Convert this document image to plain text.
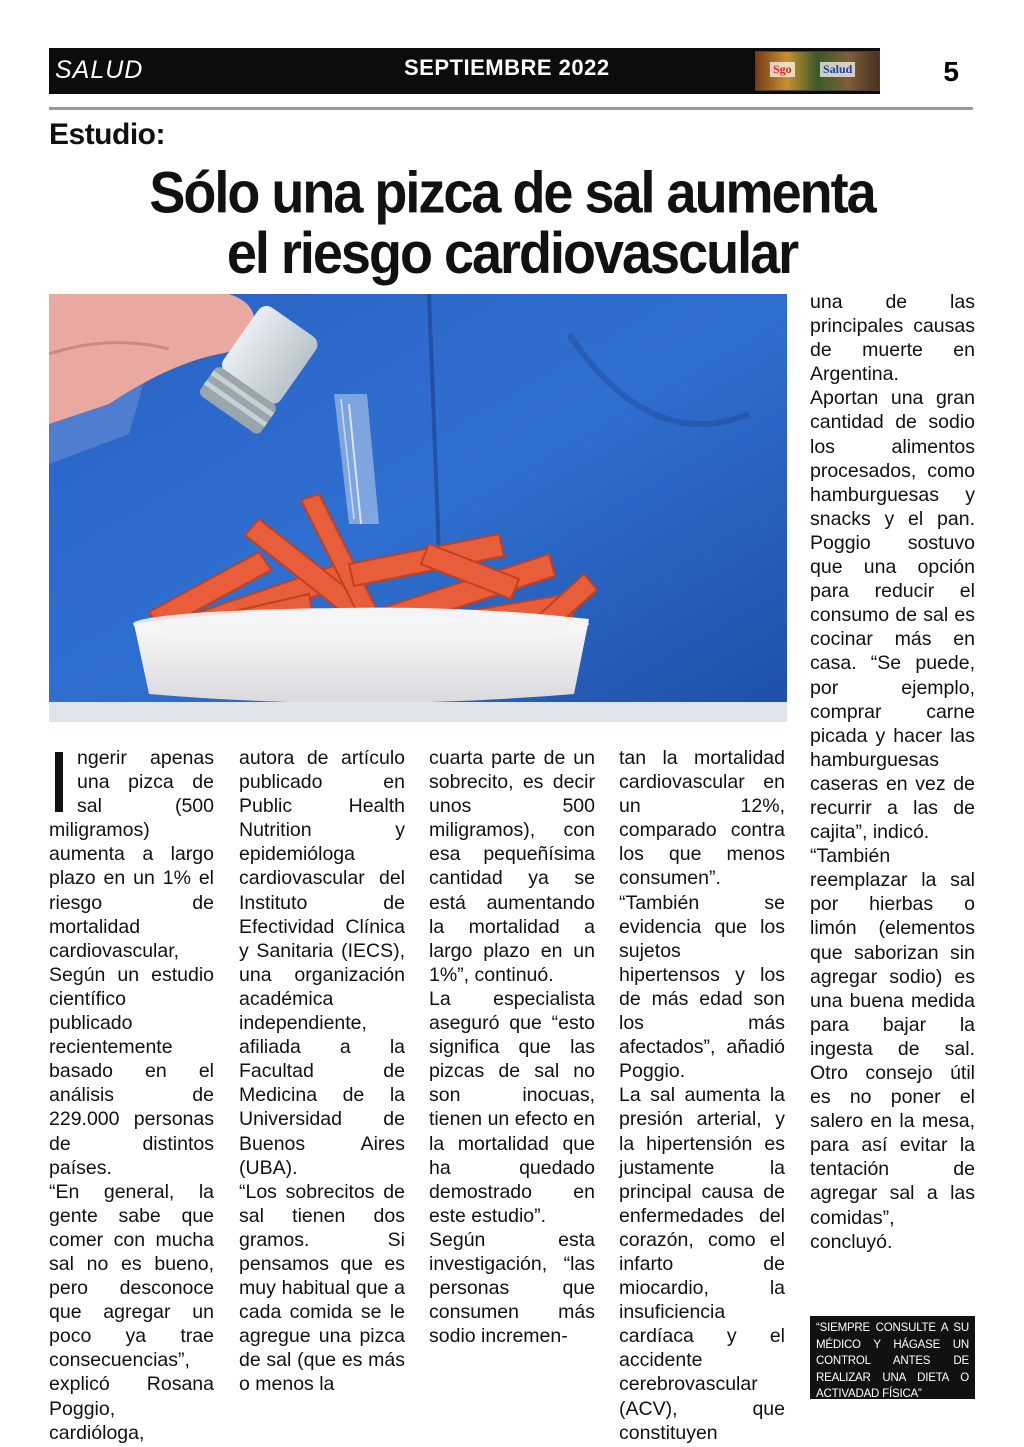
SALUD	SEPTIEMBRE 2022	Sgo	Salud	5
Estudio:
Sólo una pizca de sal aumenta
el riesgo cardiovascular

ngerir apenas una pizca de sal (500 miligramos) aumenta a largo plazo en un 1% el riesgo de mortalidad cardiovascular,

Según un estudio científico publicado recientemente basado en el análisis de 229.000 personas de distintos países.

“En general, la gente sabe que comer con mucha sal no es bueno, pero desconoce que agregar un poco ya trae consecuencias”, explicó Rosana Poggio, cardióloga,

autora de artículo publicado en Public Health Nutrition y epidemióloga cardiovascular del Instituto de Efectividad Clínica y Sanitaria (IECS), una organización académica independiente, afiliada a la Facultad de Medicina de la Universidad de Buenos Aires (UBA).

“Los sobrecitos de sal tienen dos gramos. Si pensamos que es muy habitual que a cada comida se le agregue una pizca de sal (que es más o menos la

cuarta parte de un sobrecito, es decir unos 500 miligramos), con esa pequeñísima cantidad ya se está aumentando la mortalidad a largo plazo en un 1%”, continuó.

La especialista aseguró que “esto significa que las pizcas de sal no son inocuas, tienen un efecto en la mortalidad que ha quedado demostrado en este estudio”.

Según esta investigación, “las personas que consumen más sodio incremen-

tan la mortalidad cardiovascular en un 12%, comparado contra los que menos consumen”.

“También se evidencia que los sujetos hipertensos y los de más edad son los más afectados”, añadió Poggio.

La sal aumenta la presión arterial, y la hipertensión es justamente la principal causa de enfermedades del corazón, como el infarto de miocardio, la insuficiencia cardíaca y el accidente cerebrovascular (ACV), que constituyen

una de las principales causas de muerte en Argentina.

Aportan una gran cantidad de sodio los alimentos procesados, como hamburguesas y snacks y el pan. Poggio sostuvo que una opción para reducir el consumo de sal es cocinar más en casa. “Se puede, por ejemplo, comprar carne picada y hacer las hamburguesas caseras en vez de recurrir a las de cajita”, indicó.

“También reemplazar la sal por hierbas o limón (elementos que saborizan sin agregar sodio) es una buena medida para bajar la ingesta de sal. Otro consejo útil es no poner el salero en la mesa, para así evitar la tentación de agregar sal a las comidas”, concluyó.

“SIEMPRE CONSULTE A SU MÉDICO Y HÁGASE UN CONTROL ANTES DE REALIZAR UNA DIETA O ACTIVADAD FÍSICA”
